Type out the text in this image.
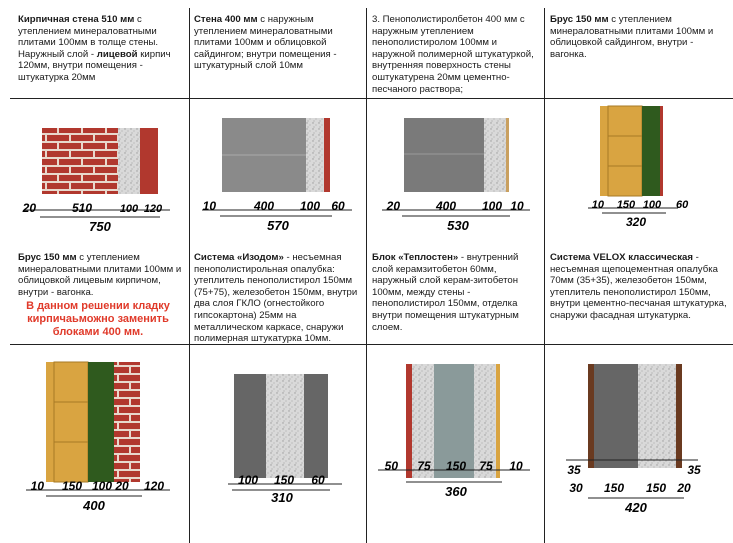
Кирпичная стена 510 мм с утеплением минераловатными плитами 100мм в толще стены. Наружный слой - лицевой кирпич 120мм, внутри помещения - штукатурка 20мм
Стена 400 мм с наружным утеплением минераловатными плитами 100мм и облицовкой сайдингом; внутри помещения - штукатурный слой 10мм
3. Пенополистиролбетон 400 мм с наружным утеплением пенополистиролом 100мм и наружной полимерной штукатуркой, внутренняя поверхность стены оштукатурена 20мм цементно-песчаного раствора;
Брус 150 мм с утеплением минераловатными плитами 100мм и облицовкой сайдингом, внутри - вагонка.
Брус 150 мм с утеплением минераловатными плитами 100мм и облицовкой лицевым кирпичом, внутри - вагонка.
В данном решении кладку кирпичаьможно заменить блоками 400 мм.
Система «Изодом» - несъемная пенополистирольная опалубка: утеплитель пенополистирол 150мм (75+75), железобетон 150мм, внутри два слоя ГКЛО (огнестойкого гипсокартона) 25мм на металлическом каркасе, снаружи полимерная штукатурка 10мм.
Блок «Теплостен» - внутренний слой керамзитобетон 60мм, наружный слой керам-зитобетон 100мм, между стены - пенополистирол 150мм, отделка внутри помещения штукатурным слоем.
Система VELOX классическая - несъемная щепоцементная опалубка 70мм (35+35), железобетон 150мм, утеплитель пенополистирол 150мм, внутри цементно-песчаная штукатурка, снаружи фасадная штукатурка.
20	510	100 120
750
10	400 100 60
570
20	400 100 10
530
10 150 100 60
320
10 150 100 20 120
400
100 150 60
310
50 75 150 75 10
360
35	35
30 150 150 20
420
